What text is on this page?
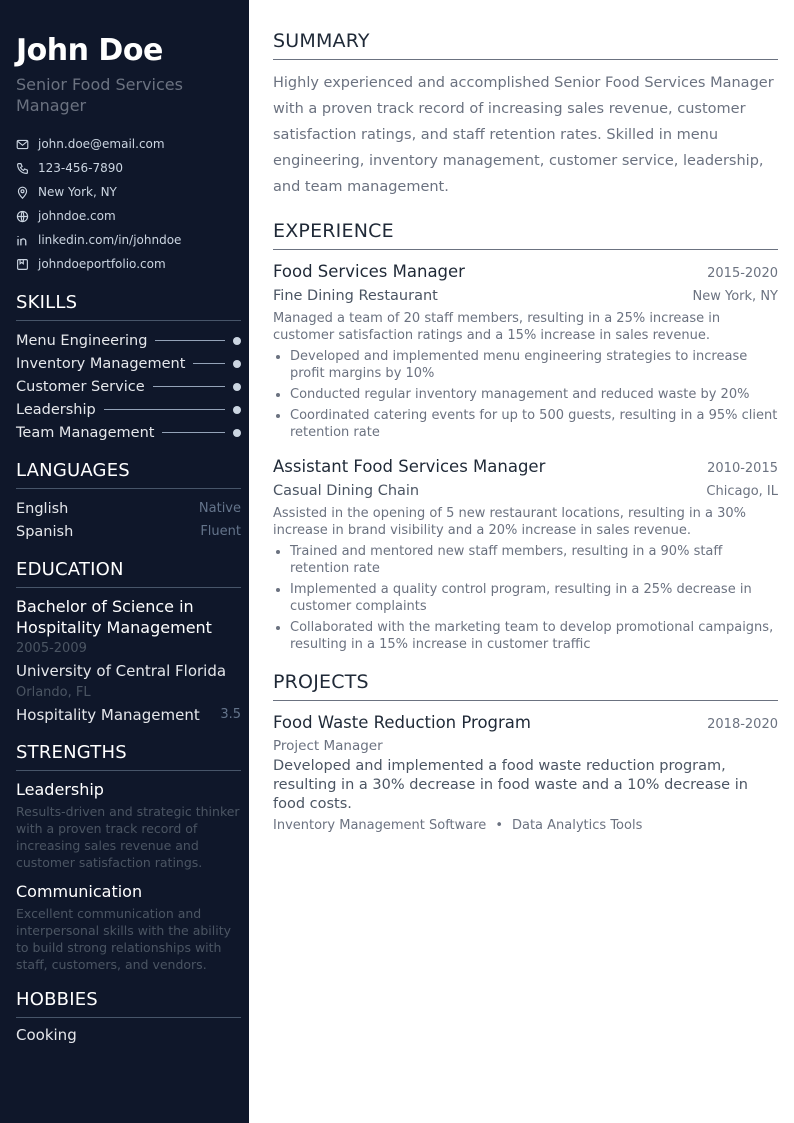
John Doe
Senior Food Services Manager
john.doe@email.com
123-456-7890
New York, NY
johndoe.com
linkedin.com/in/johndoe
johndoeportfolio.com
SKILLS
Menu Engineering
Inventory Management
Customer Service
Leadership
Team Management
LANGUAGES
English	Native
Spanish	Fluent
EDUCATION
Bachelor of Science in Hospitality Management
2005-2009
University of Central Florida
Orlando, FL
Hospitality Management 3.5
STRENGTHS
Leadership
Results-driven and strategic thinker with a proven track record of increasing sales revenue and customer satisfaction ratings.
Communication
Excellent communication and interpersonal skills with the ability to build strong relationships with staff, customers, and vendors.
HOBBIES
Cooking
SUMMARY
Highly experienced and accomplished Senior Food Services Manager with a proven track record of increasing sales revenue, customer satisfaction ratings, and staff retention rates. Skilled in menu engineering, inventory management, customer service, leadership, and team management.
EXPERIENCE
Food Services Manager	2015-2020
Fine Dining Restaurant	New York, NY
Managed a team of 20 staff members, resulting in a 25% increase in customer satisfaction ratings and a 15% increase in sales revenue.
• Developed and implemented menu engineering strategies to increase profit margins by 10%
• Conducted regular inventory management and reduced waste by 20%
• Coordinated catering events for up to 500 guests, resulting in a 95% client retention rate
Assistant Food Services Manager	2010-2015
Casual Dining Chain	Chicago, IL
Assisted in the opening of 5 new restaurant locations, resulting in a 30% increase in brand visibility and a 20% increase in sales revenue.
• Trained and mentored new staff members, resulting in a 90% staff retention rate
• Implemented a quality control program, resulting in a 25% decrease in customer complaints
• Collaborated with the marketing team to develop promotional campaigns, resulting in a 15% increase in customer traffic
PROJECTS
Food Waste Reduction Program	2018-2020
Project Manager
Developed and implemented a food waste reduction program, resulting in a 30% decrease in food waste and a 10% decrease in food costs.
Inventory Management Software • Data Analytics Tools
